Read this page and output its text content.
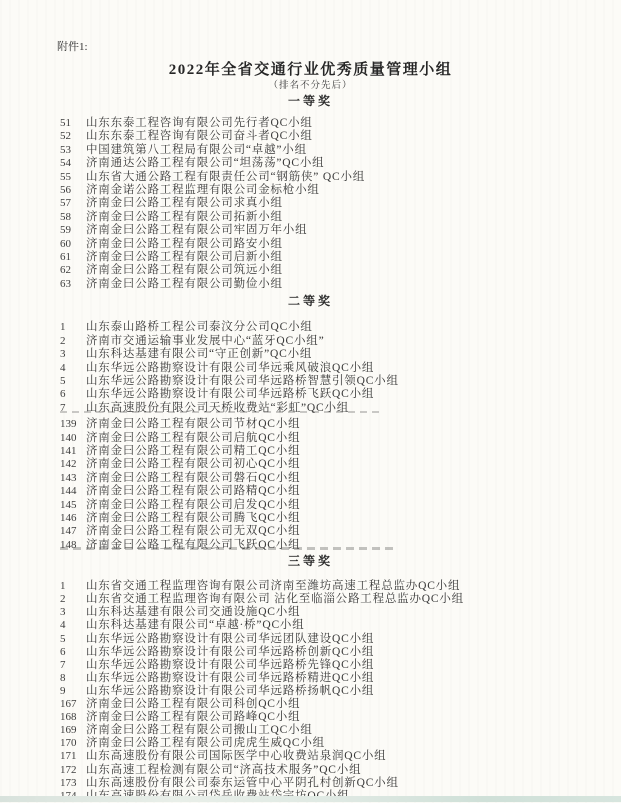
附件1:
2022年全省交通行业优秀质量管理小组
（排名不分先后）
一等奖
51	山东东泰工程咨询有限公司先行者QC小组
52	山东东泰工程咨询有限公司奋斗者QC小组
53	中国建筑第八工程局有限公司“卓越”小组
54	济南通达公路工程有限公司“坦荡荡”QC小组
55	山东省大通公路工程有限责任公司“钢筋侠” QC小组
56	济南金诺公路工程监理有限公司金标枪小组
57	济南金曰公路工程有限公司求真小组
58	济南金曰公路工程有限公司拓新小组
59	济南金曰公路工程有限公司牢固万年小组
60	济南金曰公路工程有限公司路安小组
61	济南金曰公路工程有限公司启新小组
62	济南金曰公路工程有限公司筑远小组
63	济南金曰公路工程有限公司勤俭小组
二等奖
1	山东泰山路桥工程公司泰汶分公司QC小组
2	济南市交通运输事业发展中心“蓝牙QC小组”
3	山东科达基建有限公司“守正创新”QC小组
4	山东华远公路勘察设计有限公司华远乘风破浪QC小组
5	山东华远公路勘察设计有限公司华远路桥智慧引领QC小组
6	山东华远公路勘察设计有限公司华远路桥飞跃QC小组
7	山东高速股份有限公司天桥收费站“彩虹”QC小组
139 济南金曰公路工程有限公司节材QC小组
140 济南金曰公路工程有限公司启航QC小组
141 济南金曰公路工程有限公司精工QC小组
142 济南金曰公路工程有限公司初心QC小组
143 济南金曰公路工程有限公司磐石QC小组
144 济南金曰公路工程有限公司路精QC小组
145 济南金曰公路工程有限公司启发QC小组
146 济南金曰公路工程有限公司腾飞QC小组
147 济南金曰公路工程有限公司无双QC小组
148 济南金曰公路工程有限公司飞跃QC小组
三等奖
1	山东省交通工程监理咨询有限公司济南至潍坊高速工程总监办QC小组
2	山东省交通工程监理咨询有限公司 沾化至临淄公路工程总监办QC小组
3	山东科达基建有限公司交通设施QC小组
4	山东科达基建有限公司“卓越·桥”QC小组
5	山东华远公路勘察设计有限公司华远团队建设QC小组
6	山东华远公路勘察设计有限公司华远路桥创新QC小组
7	山东华远公路勘察设计有限公司华远路桥先锋QC小组
8	山东华远公路勘察设计有限公司华远路桥精进QC小组
9	山东华远公路勘察设计有限公司华远路桥扬帆QC小组
167 济南金曰公路工程有限公司科创QC小组
168 济南金曰公路工程有限公司路峰QC小组
169 济南金曰公路工程有限公司搬山工QC小组
170 济南金曰公路工程有限公司虎虎生威QC小组
171 山东高速股份有限公司国际医学中心收费站泉润QC小组
172 山东高速工程检测有限公司“济高技术服务”QC小组
173 山东高速股份有限公司泰东运管中心平阴孔村创新QC小组
